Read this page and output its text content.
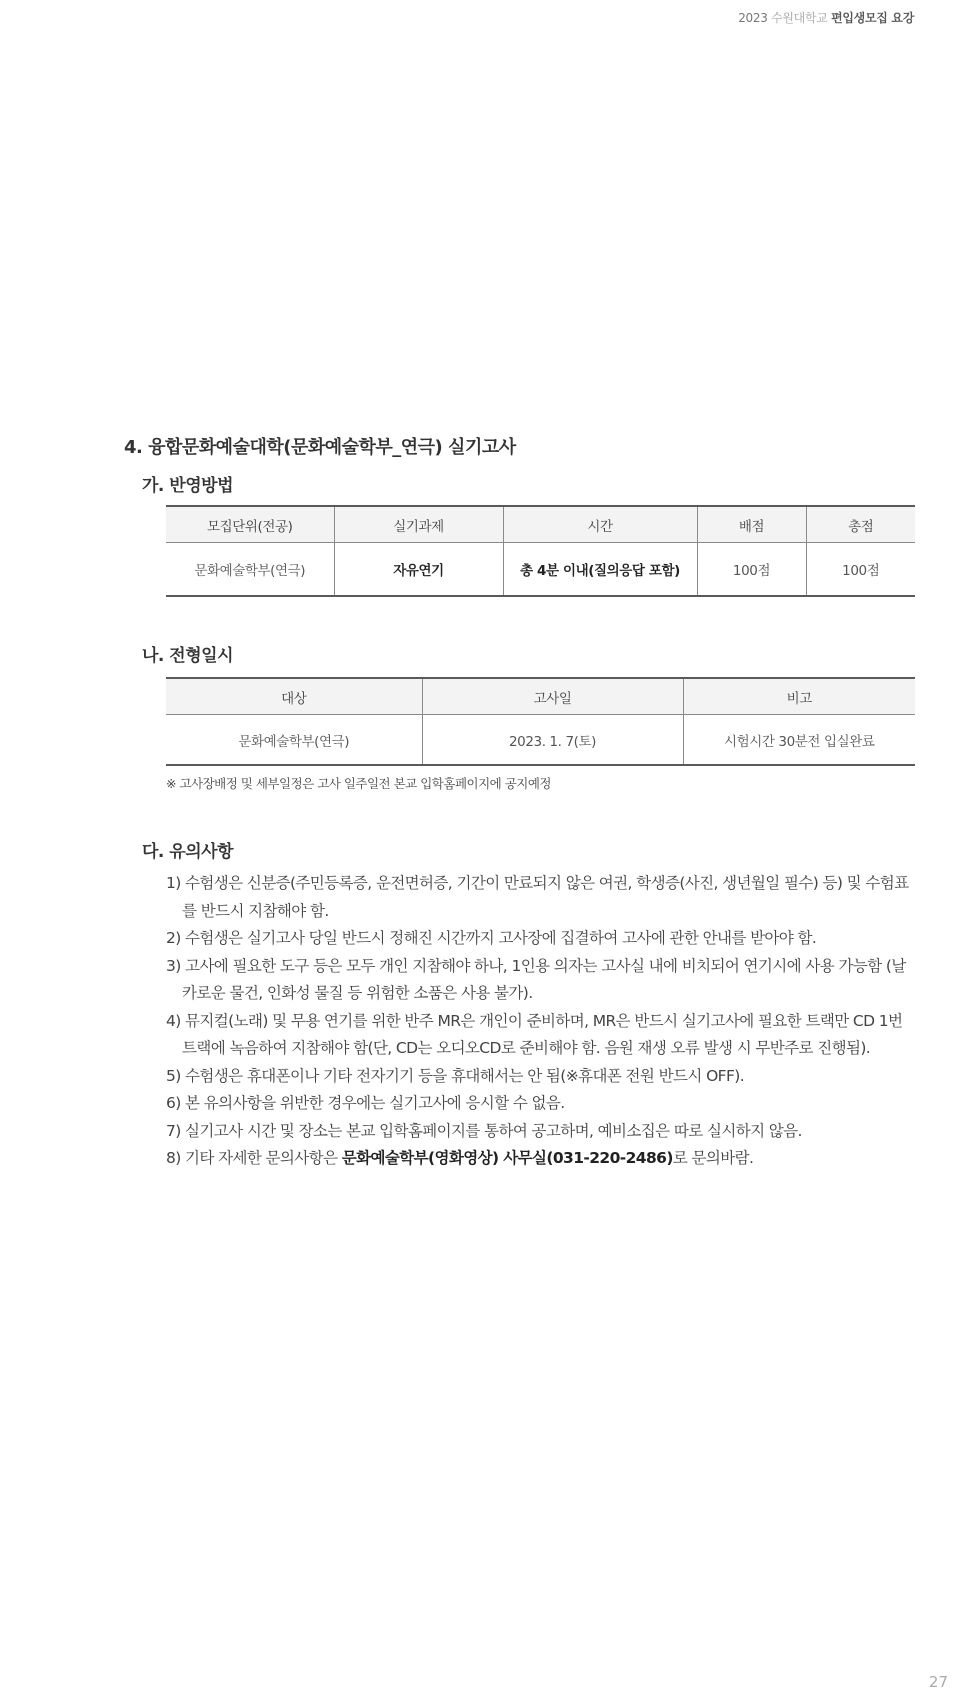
2023 수원대학교 편입생모집 요강
4. 융합문화예술대학(문화예술학부_연극) 실기고사
가. 반영방법
모집단위(전공)	실기과제	시간	배점	총점
문화예술학부(연극)	자유연기	총 4분 이내(질의응답 포함)	100점	100점
나. 전형일시
대상	고사일	비고
문화예술학부(연극)	2023. 1. 7(토)	시험시간 30분전 입실완료
※ 고사장배정 및 세부일정은 고사 일주일전 본교 입학홈페이지에 공지예정
다. 유의사항
1) 수험생은 신분증(주민등록증, 운전면허증, 기간이 만료되지 않은 여권, 학생증(사진, 생년월일 필수) 등) 및 수험표를 반드시 지참해야 함.
2) 수험생은 실기고사 당일 반드시 정해진 시간까지 고사장에 집결하여 고사에 관한 안내를 받아야 함.
3) 고사에 필요한 도구 등은 모두 개인 지참해야 하나, 1인용 의자는 고사실 내에 비치되어 연기시에 사용 가능함 (날카로운 물건, 인화성 물질 등 위험한 소품은 사용 불가).
4) 뮤지컬(노래) 및 무용 연기를 위한 반주 MR은 개인이 준비하며, MR은 반드시 실기고사에 필요한 트랙만 CD 1번 트랙에 녹음하여 지참해야 함(단, CD는 오디오CD로 준비해야 함. 음원 재생 오류 발생 시 무반주로 진행됨).
5) 수험생은 휴대폰이나 기타 전자기기 등을 휴대해서는 안 됨(※휴대폰 전원 반드시 OFF).
6) 본 유의사항을 위반한 경우에는 실기고사에 응시할 수 없음.
7) 실기고사 시간 및 장소는 본교 입학홈페이지를 통하여 공고하며, 예비소집은 따로 실시하지 않음.
8) 기타 자세한 문의사항은 문화예술학부(영화영상) 사무실(031-220-2486)로 문의바람.
27
